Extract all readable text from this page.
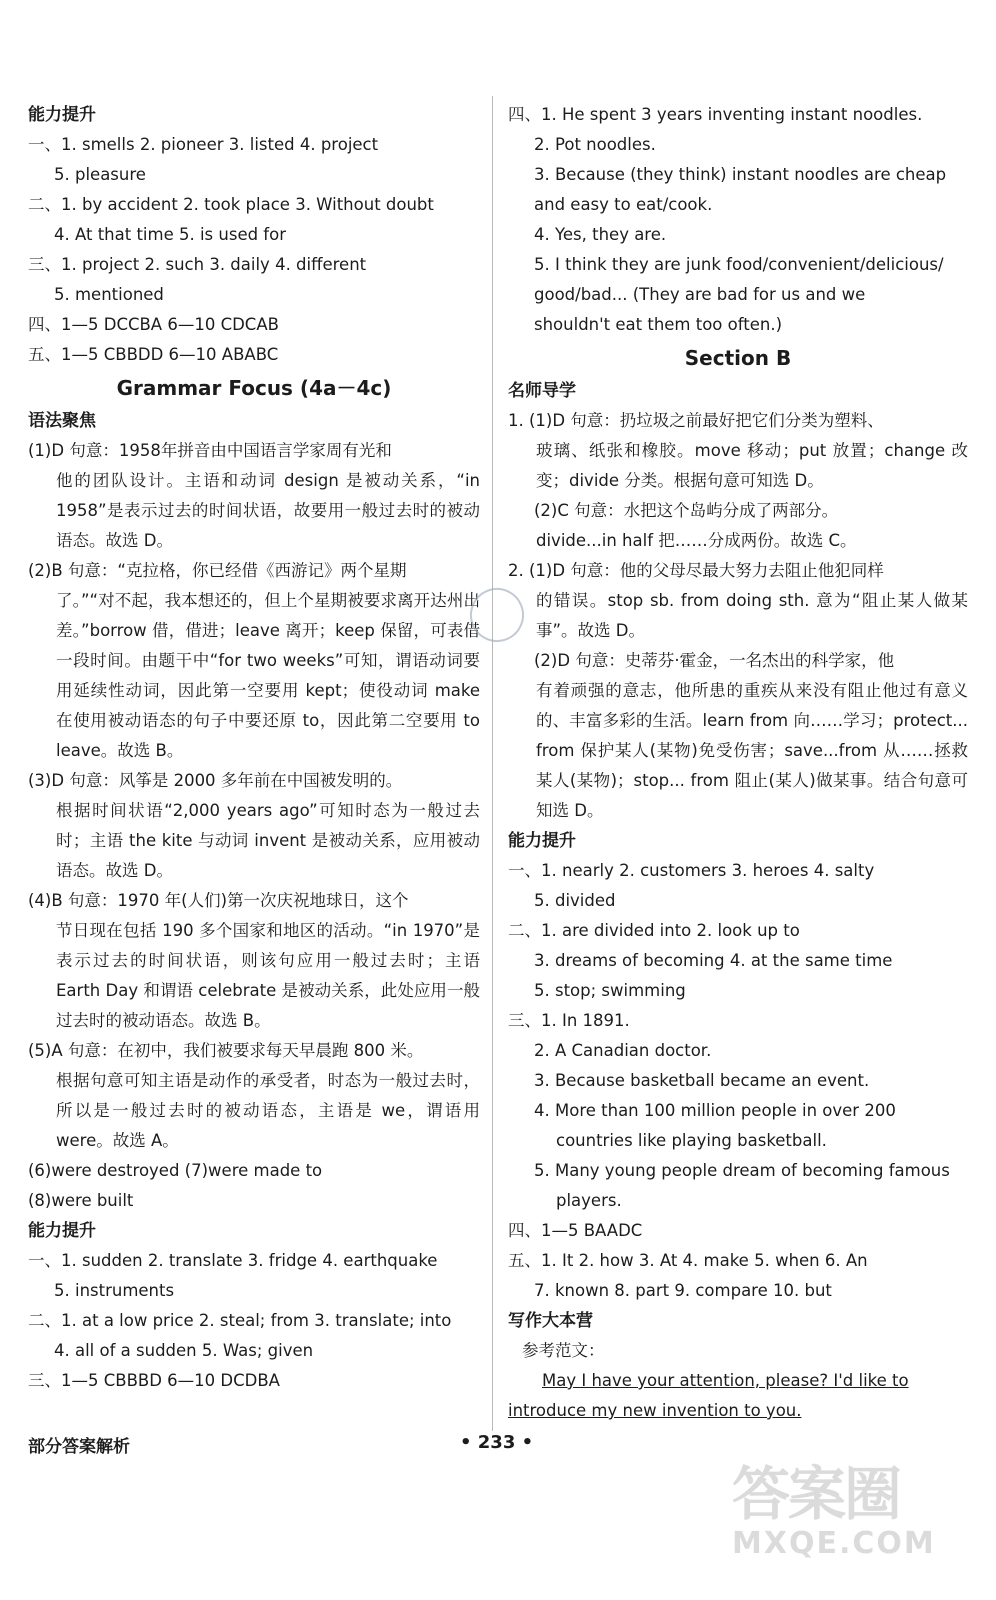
能力提升
一、1. smells 2. pioneer 3. listed 4. project
5. pleasure
二、1. by accident 2. took place 3. Without doubt
4. At that time 5. is used for
三、1. project 2. such 3. daily 4. different
5. mentioned
四、1—5 DCCBA 6—10 CDCAB
五、1—5 CBBDD 6—10 ABABC
Grammar Focus (4a－4c)
语法聚焦
(1)D 句意：1958年拼音由中国语言学家周有光和
他的团队设计。主语和动词 design 是被动关系，“in 1958”是表示过去的时间状语，故要用一般过去时的被动语态。故选 D。
(2)B 句意：“克拉格，你已经借《西游记》两个星期
了。”“对不起，我本想还的，但上个星期被要求离开达州出差。”borrow 借，借进；leave 离开；keep 保留，可表借一段时间。由题干中“for two weeks”可知，谓语动词要用延续性动词，因此第一空要用 kept；使役动词 make 在使用被动语态的句子中要还原 to，因此第二空要用 to leave。故选 B。
(3)D 句意：风筝是 2000 多年前在中国被发明的。
根据时间状语“2,000 years ago”可知时态为一般过去时；主语 the kite 与动词 invent 是被动关系，应用被动语态。故选 D。
(4)B 句意：1970 年(人们)第一次庆祝地球日，这个
节日现在包括 190 多个国家和地区的活动。“in 1970”是表示过去的时间状语，则该句应用一般过去时；主语 Earth Day 和谓语 celebrate 是被动关系，此处应用一般过去时的被动语态。故选 B。
(5)A 句意：在初中，我们被要求每天早晨跑 800 米。
根据句意可知主语是动作的承受者，时态为一般过去时，所以是一般过去时的被动语态，主语是 we，谓语用 were。故选 A。
(6)were destroyed (7)were made to
(8)were built
能力提升
一、1. sudden 2. translate 3. fridge 4. earthquake
5. instruments
二、1. at a low price 2. steal; from 3. translate; into
4. all of a sudden 5. Was; given
三、1—5 CBBBD 6—10 DCDBA
四、1. He spent 3 years inventing instant noodles.
2. Pot noodles.
3. Because (they think) instant noodles are cheap
and easy to eat/cook.
4. Yes, they are.
5. I think they are junk food/convenient/delicious/
good/bad... (They are bad for us and we
shouldn't eat them too often.)
Section B
名师导学
1. (1)D 句意：扔垃圾之前最好把它们分类为塑料、
玻璃、纸张和橡胶。move 移动；put 放置；change 改变；divide 分类。根据句意可知选 D。
(2)C 句意：水把这个岛屿分成了两部分。
divide...in half 把……分成两份。故选 C。
2. (1)D 句意：他的父母尽最大努力去阻止他犯同样
的错误。stop sb. from doing sth. 意为“阻止某人做某事”。故选 D。
(2)D 句意：史蒂芬·霍金，一名杰出的科学家，他
有着顽强的意志，他所患的重疾从来没有阻止他过有意义的、丰富多彩的生活。learn from 向……学习；protect... from 保护某人(某物)免受伤害；save...from 从……拯救某人(某物)；stop... from 阻止(某人)做某事。结合句意可知选 D。
能力提升
一、1. nearly 2. customers 3. heroes 4. salty
5. divided
二、1. are divided into 2. look up to
3. dreams of becoming 4. at the same time
5. stop; swimming
三、1. In 1891.
2. A Canadian doctor.
3. Because basketball became an event.
4. More than 100 million people in over 200
countries like playing basketball.
5. Many young people dream of becoming famous
players.
四、1—5 BAADC
五、1. It 2. how 3. At 4. make 5. when 6. An
7. known 8. part 9. compare 10. but
写作大本营
参考范文：
May I have your attention, please? I'd like to
introduce my new invention to you.
部分答案解析	• 233 •
答案圈
MXQE.COM
